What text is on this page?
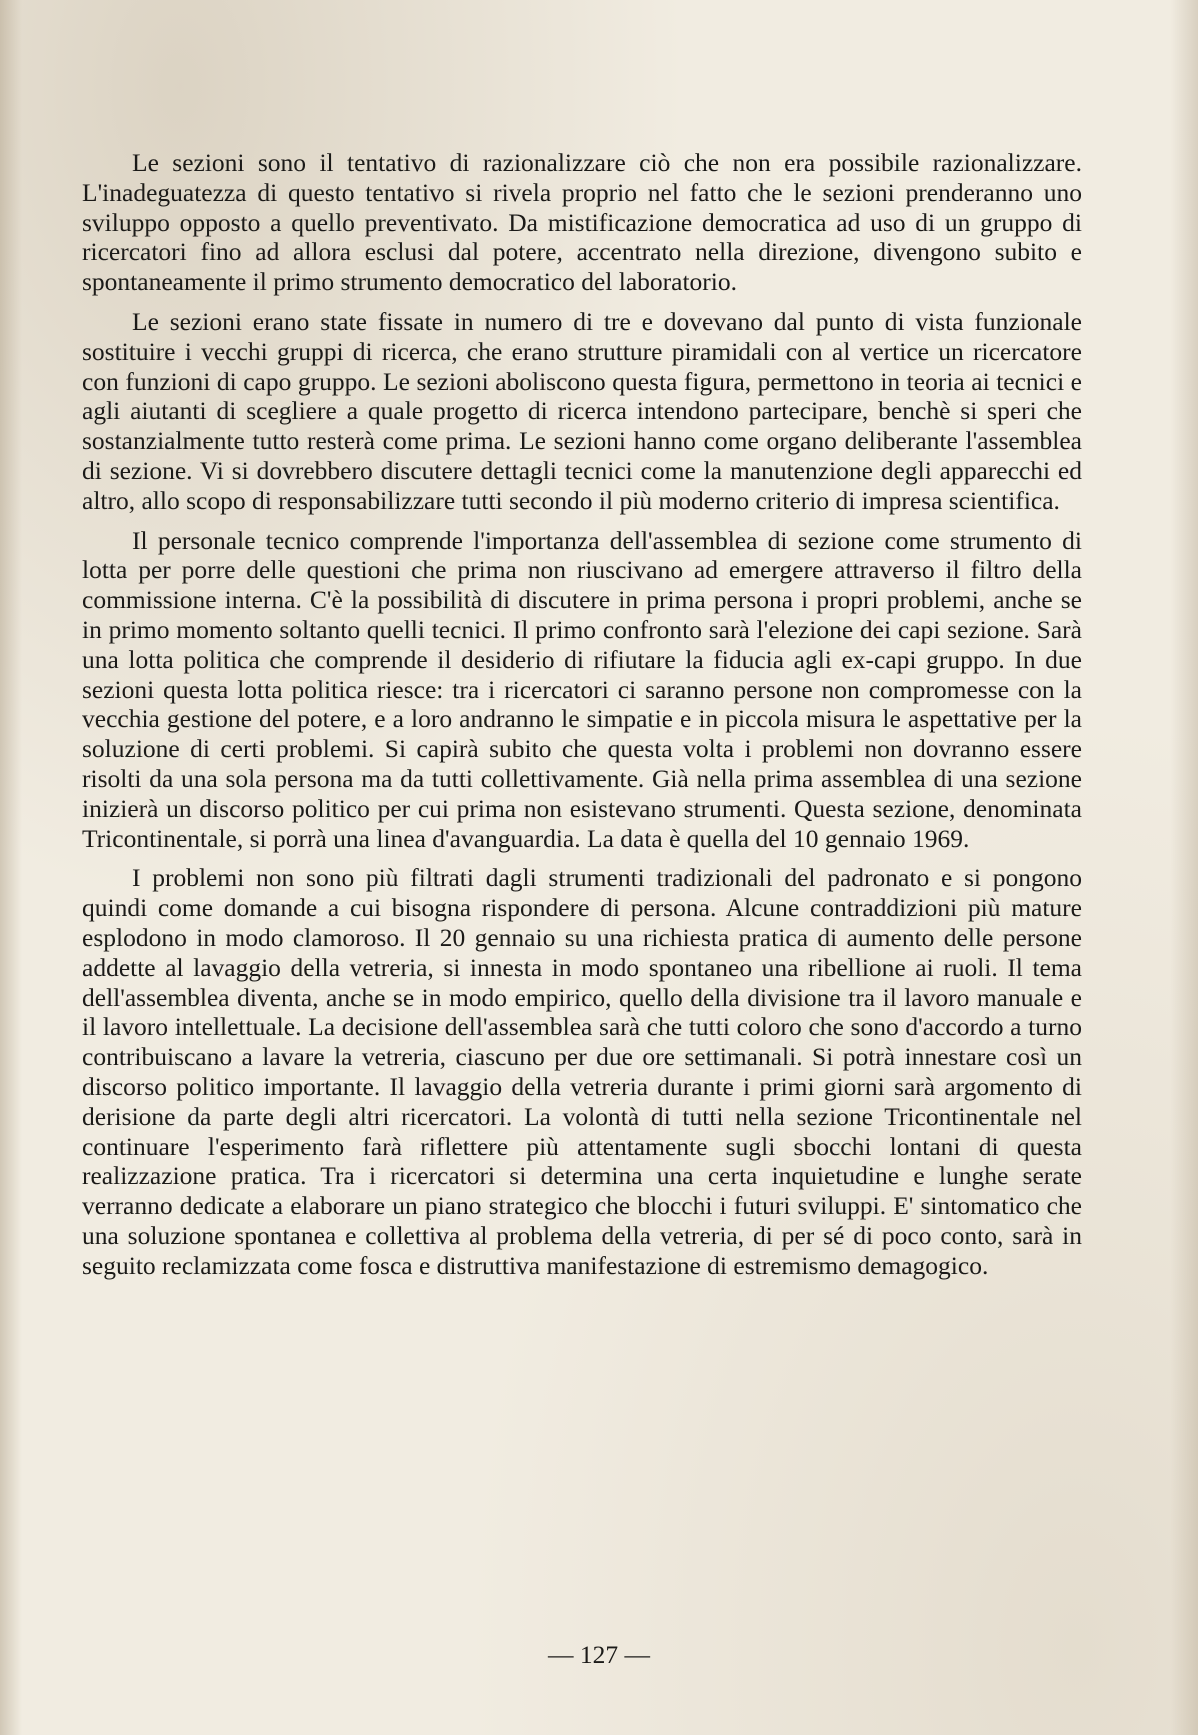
Le sezioni sono il tentativo di razionalizzare ciò che non era possibile razionalizzare. L'inadeguatezza di questo tentativo si rivela proprio nel fatto che le sezioni prenderanno uno sviluppo opposto a quello preventivato. Da mistificazione democratica ad uso di un gruppo di ricercatori fino ad allora esclusi dal potere, accentrato nella direzione, divengono subito e spontaneamente il primo strumento democratico del laboratorio.

Le sezioni erano state fissate in numero di tre e dovevano dal punto di vista funzionale sostituire i vecchi gruppi di ricerca, che erano strutture piramidali con al vertice un ricercatore con funzioni di capo gruppo. Le sezioni aboliscono questa figura, permettono in teoria ai tecnici e agli aiutanti di scegliere a quale progetto di ricerca intendono partecipare, benchè si speri che sostanzialmente tutto resterà come prima. Le sezioni hanno come organo deliberante l'assemblea di sezione. Vi si dovrebbero discutere dettagli tecnici come la manutenzione degli apparecchi ed altro, allo scopo di responsabilizzare tutti secondo il più moderno criterio di impresa scientifica.

Il personale tecnico comprende l'importanza dell'assemblea di sezione come strumento di lotta per porre delle questioni che prima non riuscivano ad emergere attraverso il filtro della commissione interna. C'è la possibilità di discutere in prima persona i propri problemi, anche se in primo momento soltanto quelli tecnici. Il primo confronto sarà l'elezione dei capi sezione. Sarà una lotta politica che comprende il desiderio di rifiutare la fiducia agli ex-capi gruppo. In due sezioni questa lotta politica riesce: tra i ricercatori ci saranno persone non compromesse con la vecchia gestione del potere, e a loro andranno le simpatie e in piccola misura le aspettative per la soluzione di certi problemi. Si capirà subito che questa volta i problemi non dovranno essere risolti da una sola persona ma da tutti collettivamente. Già nella prima assemblea di una sezione inizierà un discorso politico per cui prima non esistevano strumenti. Questa sezione, denominata Tricontinentale, si porrà una linea d'avanguardia. La data è quella del 10 gennaio 1969.

I problemi non sono più filtrati dagli strumenti tradizionali del padronato e si pongono quindi come domande a cui bisogna rispondere di persona. Alcune contraddizioni più mature esplodono in modo clamoroso. Il 20 gennaio su una richiesta pratica di aumento delle persone addette al lavaggio della vetreria, si innesta in modo spontaneo una ribellione ai ruoli. Il tema dell'assemblea diventa, anche se in modo empirico, quello della divisione tra il lavoro manuale e il lavoro intellettuale. La decisione dell'assemblea sarà che tutti coloro che sono d'accordo a turno contribuiscano a lavare la vetreria, ciascuno per due ore settimanali. Si potrà innestare così un discorso politico importante. Il lavaggio della vetreria durante i primi giorni sarà argomento di derisione da parte degli altri ricercatori. La volontà di tutti nella sezione Tricontinentale nel continuare l'esperimento farà riflettere più attentamente sugli sbocchi lontani di questa realizzazione pratica. Tra i ricercatori si determina una certa inquietudine e lunghe serate verranno dedicate a elaborare un piano strategico che blocchi i futuri sviluppi. E' sintomatico che una soluzione spontanea e collettiva al problema della vetreria, di per sé di poco conto, sarà in seguito reclamizzata come fosca e distruttiva manifestazione di estremismo demagogico.

— 127 —
